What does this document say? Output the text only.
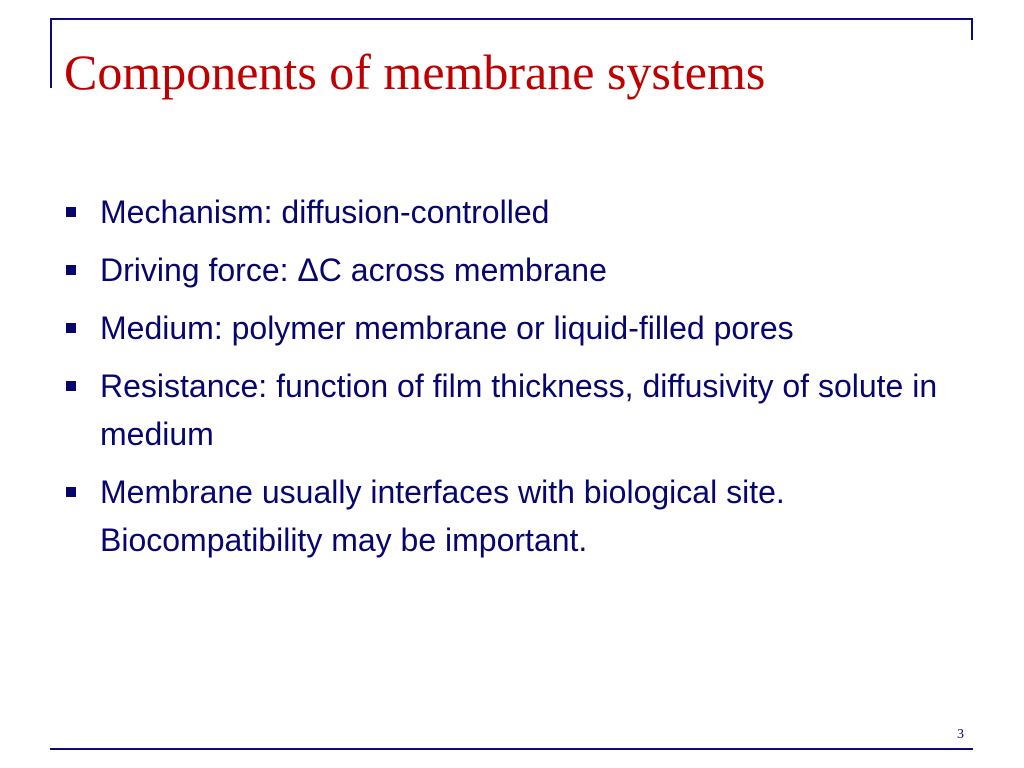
Components of membrane systems
Mechanism: diffusion-controlled
Driving force: ΔC across membrane
Medium: polymer membrane or liquid-filled pores
Resistance: function of film thickness, diffusivity of solute in medium
Membrane usually interfaces with biological site. Biocompatibility may be important.
3
